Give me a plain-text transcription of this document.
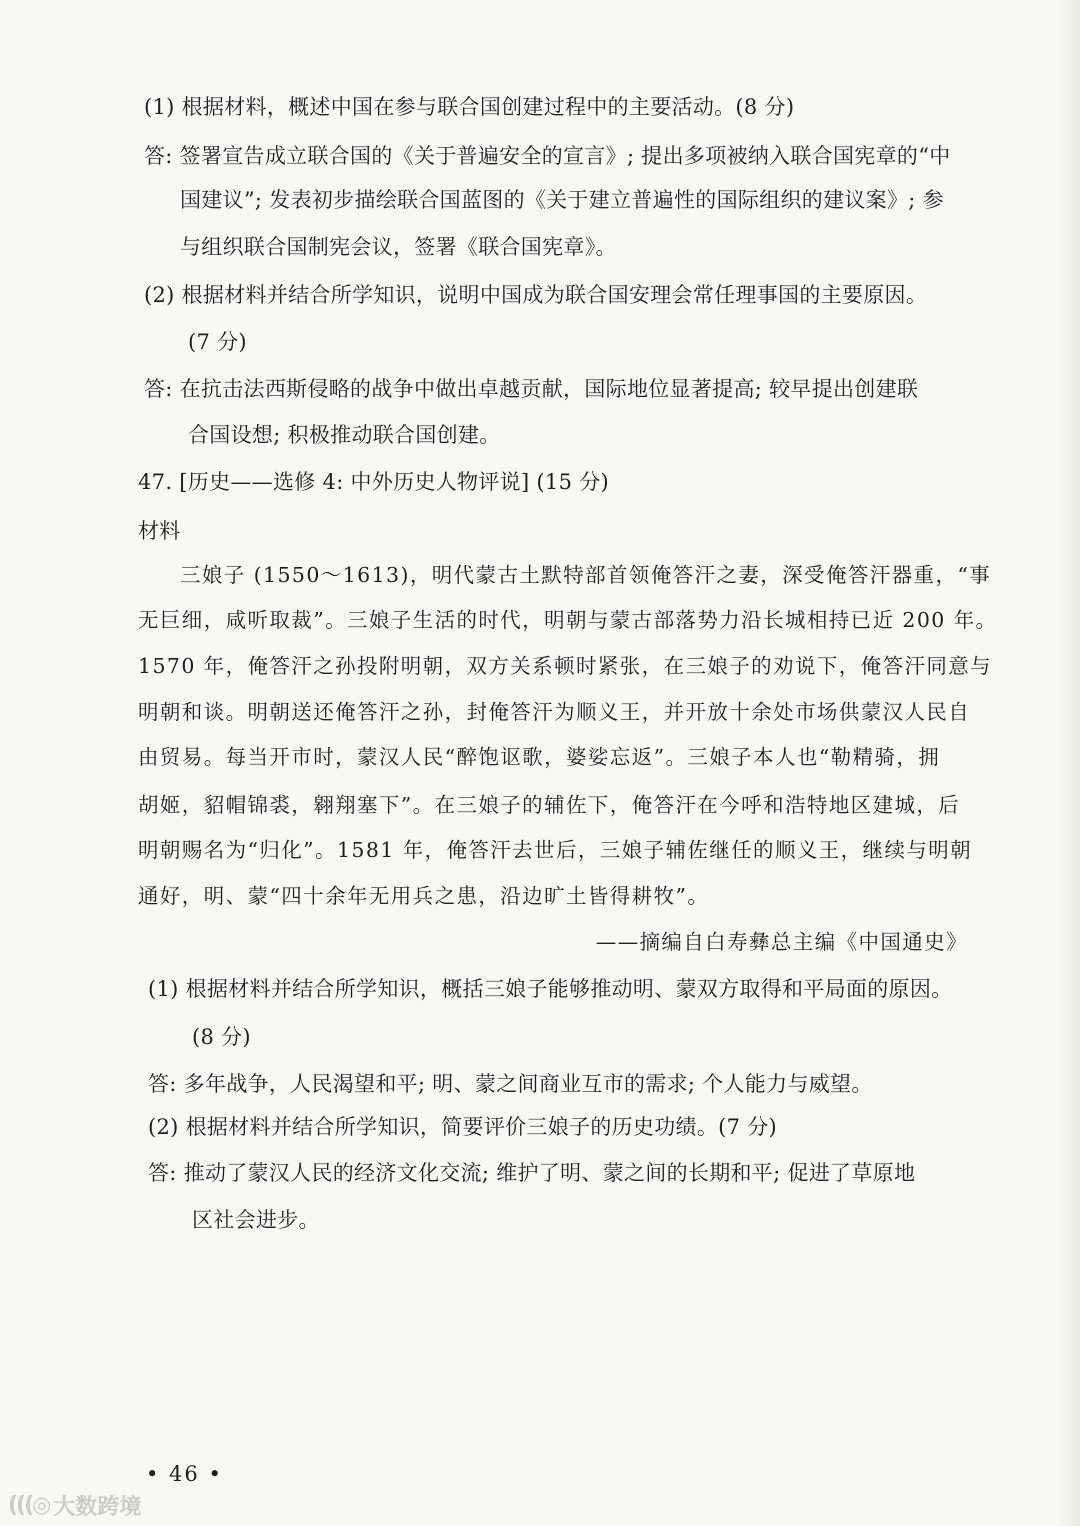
(1) 根据材料，概述中国在参与联合国创建过程中的主要活动。(8 分)
答: 签署宣告成立联合国的《关于普遍安全的宣言》; 提出多项被纳入联合国宪章的“中
国建议”; 发表初步描绘联合国蓝图的《关于建立普遍性的国际组织的建议案》; 参
与组织联合国制宪会议，签署《联合国宪章》。
(2) 根据材料并结合所学知识，说明中国成为联合国安理会常任理事国的主要原因。
(7 分)
答: 在抗击法西斯侵略的战争中做出卓越贡献，国际地位显著提高; 较早提出创建联
合国设想; 积极推动联合国创建。
47. [历史——选修 4: 中外历史人物评说] (15 分)
材料
三娘子 (1550～1613)，明代蒙古土默特部首领俺答汗之妻，深受俺答汗器重，“事
无巨细，咸听取裁”。三娘子生活的时代，明朝与蒙古部落势力沿长城相持已近 200 年。
1570 年，俺答汗之孙投附明朝，双方关系顿时紧张，在三娘子的劝说下，俺答汗同意与
明朝和谈。明朝送还俺答汗之孙，封俺答汗为顺义王，并开放十余处市场供蒙汉人民自
由贸易。每当开市时，蒙汉人民“醉饱讴歌，婆娑忘返”。三娘子本人也“勒精骑，拥
胡姬，貂帽锦裘，翱翔塞下”。在三娘子的辅佐下，俺答汗在今呼和浩特地区建城，后
明朝赐名为“归化”。1581 年，俺答汗去世后，三娘子辅佐继任的顺义王，继续与明朝
通好，明、蒙“四十余年无用兵之患，沿边旷土皆得耕牧”。
——摘编自白寿彝总主编《中国通史》
(1) 根据材料并结合所学知识，概括三娘子能够推动明、蒙双方取得和平局面的原因。
(8 分)
答: 多年战争，人民渴望和平; 明、蒙之间商业互市的需求; 个人能力与威望。
(2) 根据材料并结合所学知识，简要评价三娘子的历史功绩。(7 分)
答: 推动了蒙汉人民的经济文化交流; 维护了明、蒙之间的长期和平; 促进了草原地
区社会进步。
• 46 •
(((◎ 大数跨境
